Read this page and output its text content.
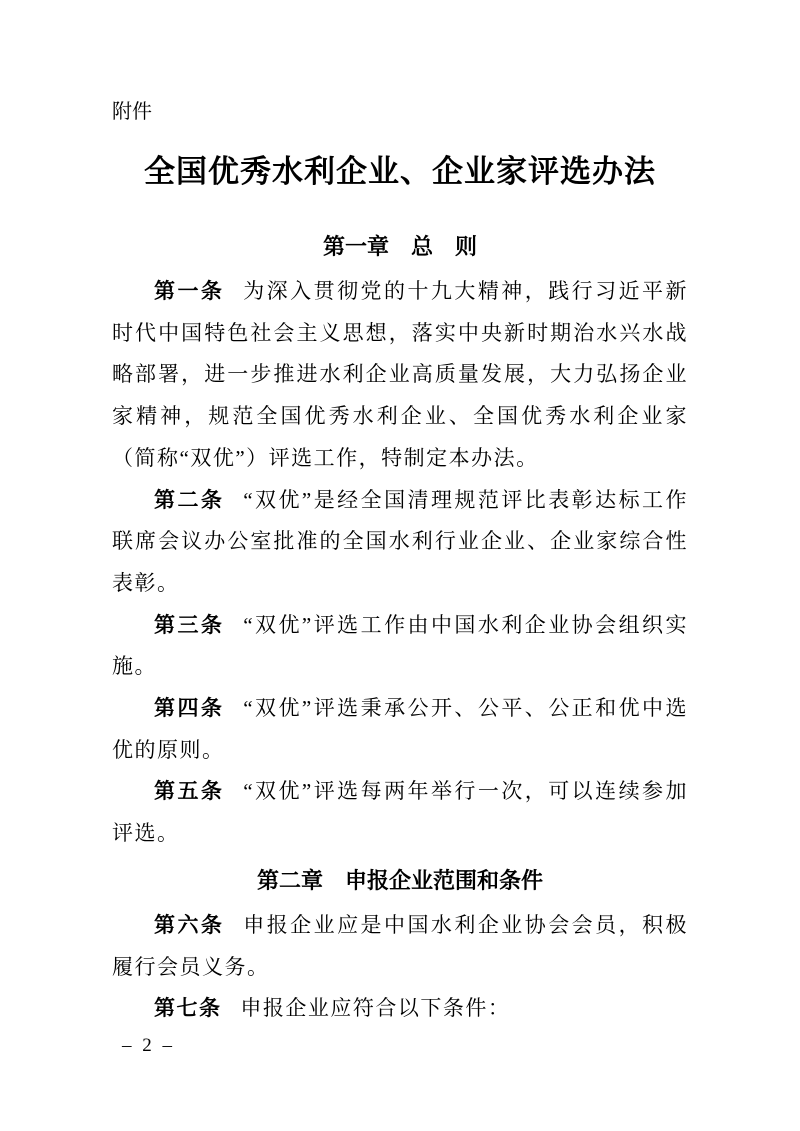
附件
全国优秀水利企业、企业家评选办法
第一章　总　则

第一条 为深入贯彻党的十九大精神，践行习近平新时代中国特色社会主义思想，落实中央新时期治水兴水战略部署，进一步推进水利企业高质量发展，大力弘扬企业家精神，规范全国优秀水利企业、全国优秀水利企业家（简称“双优”）评选工作，特制定本办法。

第二条 “双优”是经全国清理规范评比表彰达标工作联席会议办公室批准的全国水利行业企业、企业家综合性表彰。

第三条 “双优”评选工作由中国水利企业协会组织实施。

第四条 “双优”评选秉承公开、公平、公正和优中选优的原则。

第五条 “双优”评选每两年举行一次，可以连续参加评选。

第二章　申报企业范围和条件

第六条 申报企业应是中国水利企业协会会员，积极履行会员义务。

第七条 申报企业应符合以下条件：

– 2 –
